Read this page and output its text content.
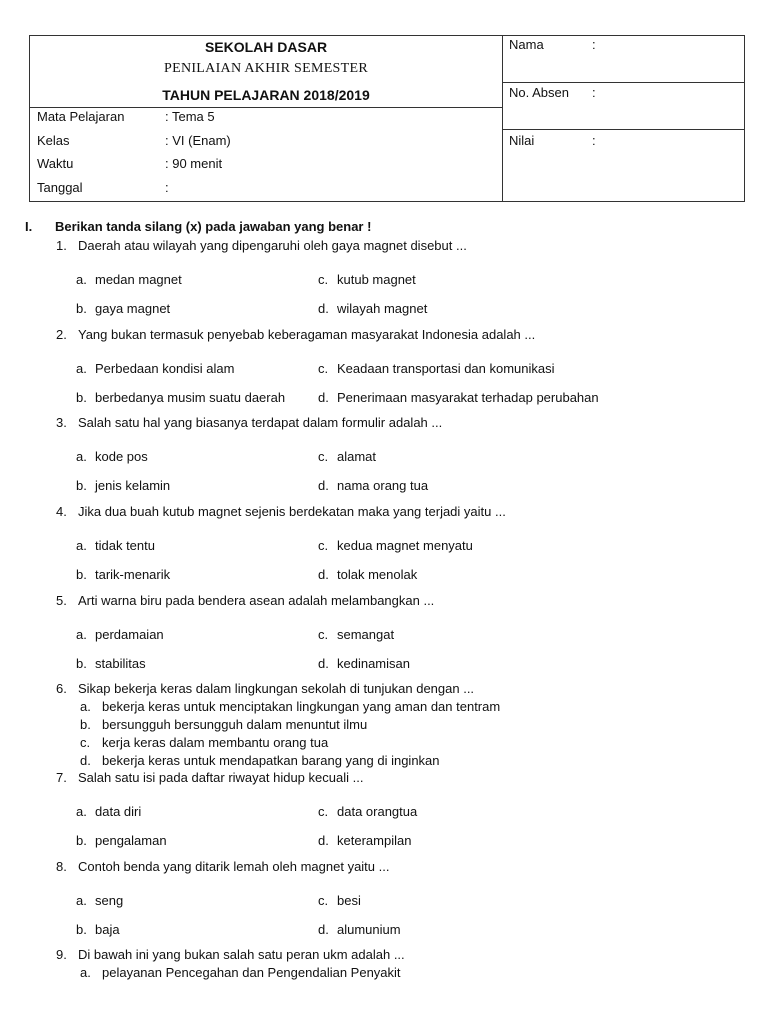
SEKOLAH DASAR
PENILAIAN AKHIR SEMESTER
TAHUN PELAJARAN 2018/2019
Mata Pelajaran	: Tema 5
Kelas	: VI (Enam)
Waktu	: 90 menit
Tanggal	:
Nama	:
No. Absen :
Nilai	:
I. Berikan tanda silang (x) pada jawaban yang benar !
1. Daerah atau wilayah yang dipengaruhi oleh gaya magnet disebut ...
a. medan magnet
b. gaya magnet
c. kutub magnet
d. wilayah magnet
2. Yang bukan termasuk penyebab keberagaman masyarakat Indonesia adalah ...
a. Perbedaan kondisi alam
b. berbedanya musim suatu daerah
c. Keadaan transportasi dan komunikasi
d. Penerimaan masyarakat terhadap perubahan
3. Salah satu hal yang biasanya terdapat dalam formulir adalah ...
a. kode pos
b. jenis kelamin
c. alamat
d. nama orang tua
4. Jika dua buah kutub magnet sejenis berdekatan maka yang terjadi yaitu ...
a. tidak tentu
b. tarik-menarik
c. kedua magnet menyatu
d. tolak menolak
5. Arti warna biru pada bendera asean adalah melambangkan ...
a. perdamaian
b. stabilitas
c. semangat
d. kedinamisan
6. Sikap bekerja keras dalam lingkungan sekolah di tunjukan dengan ...
a. bekerja keras untuk menciptakan lingkungan yang aman dan tentram
b. bersungguh bersungguh dalam menuntut ilmu
c. kerja keras dalam membantu orang tua
d. bekerja keras untuk mendapatkan barang yang di inginkan
7. Salah satu isi pada daftar riwayat hidup kecuali ...
a. data diri
b. pengalaman
c. data orangtua
d. keterampilan
8. Contoh benda yang ditarik lemah oleh magnet yaitu ...
a. seng
b. baja
c. besi
d. alumunium
9. Di bawah ini yang bukan salah satu peran ukm adalah ...
a. pelayanan Pencegahan dan Pengendalian Penyakit
